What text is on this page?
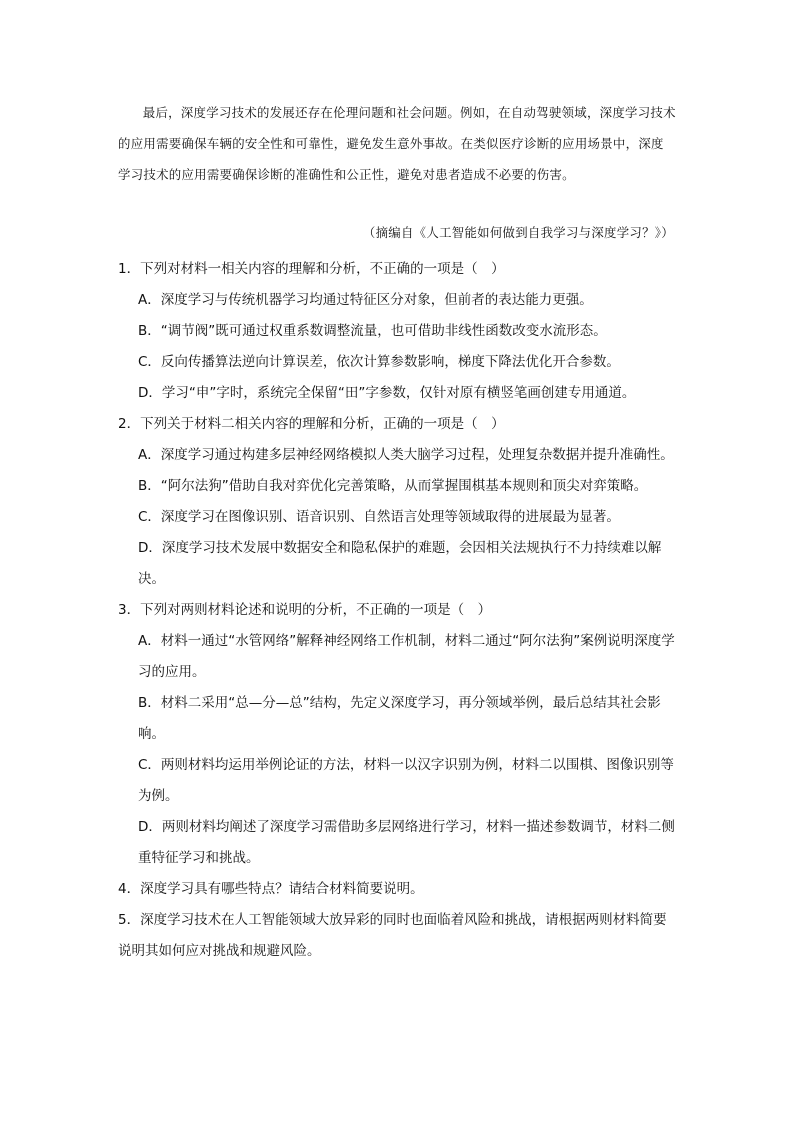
最后，深度学习技术的发展还存在伦理问题和社会问题。例如，在自动驾驶领域，深度学习技术的应用需要确保车辆的安全性和可靠性，避免发生意外事故。在类似医疗诊断的应用场景中，深度学习技术的应用需要确保诊断的准确性和公正性，避免对患者造成不必要的伤害。

（摘编自《人工智能如何做到自我学习与深度学习？》）
1．下列对材料一相关内容的理解和分析，不正确的一项是（　）
A．深度学习与传统机器学习均通过特征区分对象，但前者的表达能力更强。
B．“调节阀”既可通过权重系数调整流量，也可借助非线性函数改变水流形态。
C．反向传播算法逆向计算误差，依次计算参数影响，梯度下降法优化开合参数。
D．学习“申”字时，系统完全保留“田”字参数，仅针对原有横竖笔画创建专用通道。
2．下列关于材料二相关内容的理解和分析，正确的一项是（　）
A．深度学习通过构建多层神经网络模拟人类大脑学习过程，处理复杂数据并提升准确性。
B．“阿尔法狗”借助自我对弈优化完善策略，从而掌握围棋基本规则和顶尖对弈策略。
C．深度学习在图像识别、语音识别、自然语言处理等领域取得的进展最为显著。
D．深度学习技术发展中数据安全和隐私保护的难题，会因相关法规执行不力持续难以解决。
3．下列对两则材料论述和说明的分析，不正确的一项是（　）
A．材料一通过“水管网络”解释神经网络工作机制，材料二通过“阿尔法狗”案例说明深度学习的应用。
B．材料二采用“总—分—总”结构，先定义深度学习，再分领域举例，最后总结其社会影响。
C．两则材料均运用举例论证的方法，材料一以汉字识别为例，材料二以围棋、图像识别等为例。
D．两则材料均阐述了深度学习需借助多层网络进行学习，材料一描述参数调节，材料二侧重特征学习和挑战。
4．深度学习具有哪些特点？请结合材料简要说明。
5．深度学习技术在人工智能领域大放异彩的同时也面临着风险和挑战，请根据两则材料简要说明其如何应对挑战和规避风险。
